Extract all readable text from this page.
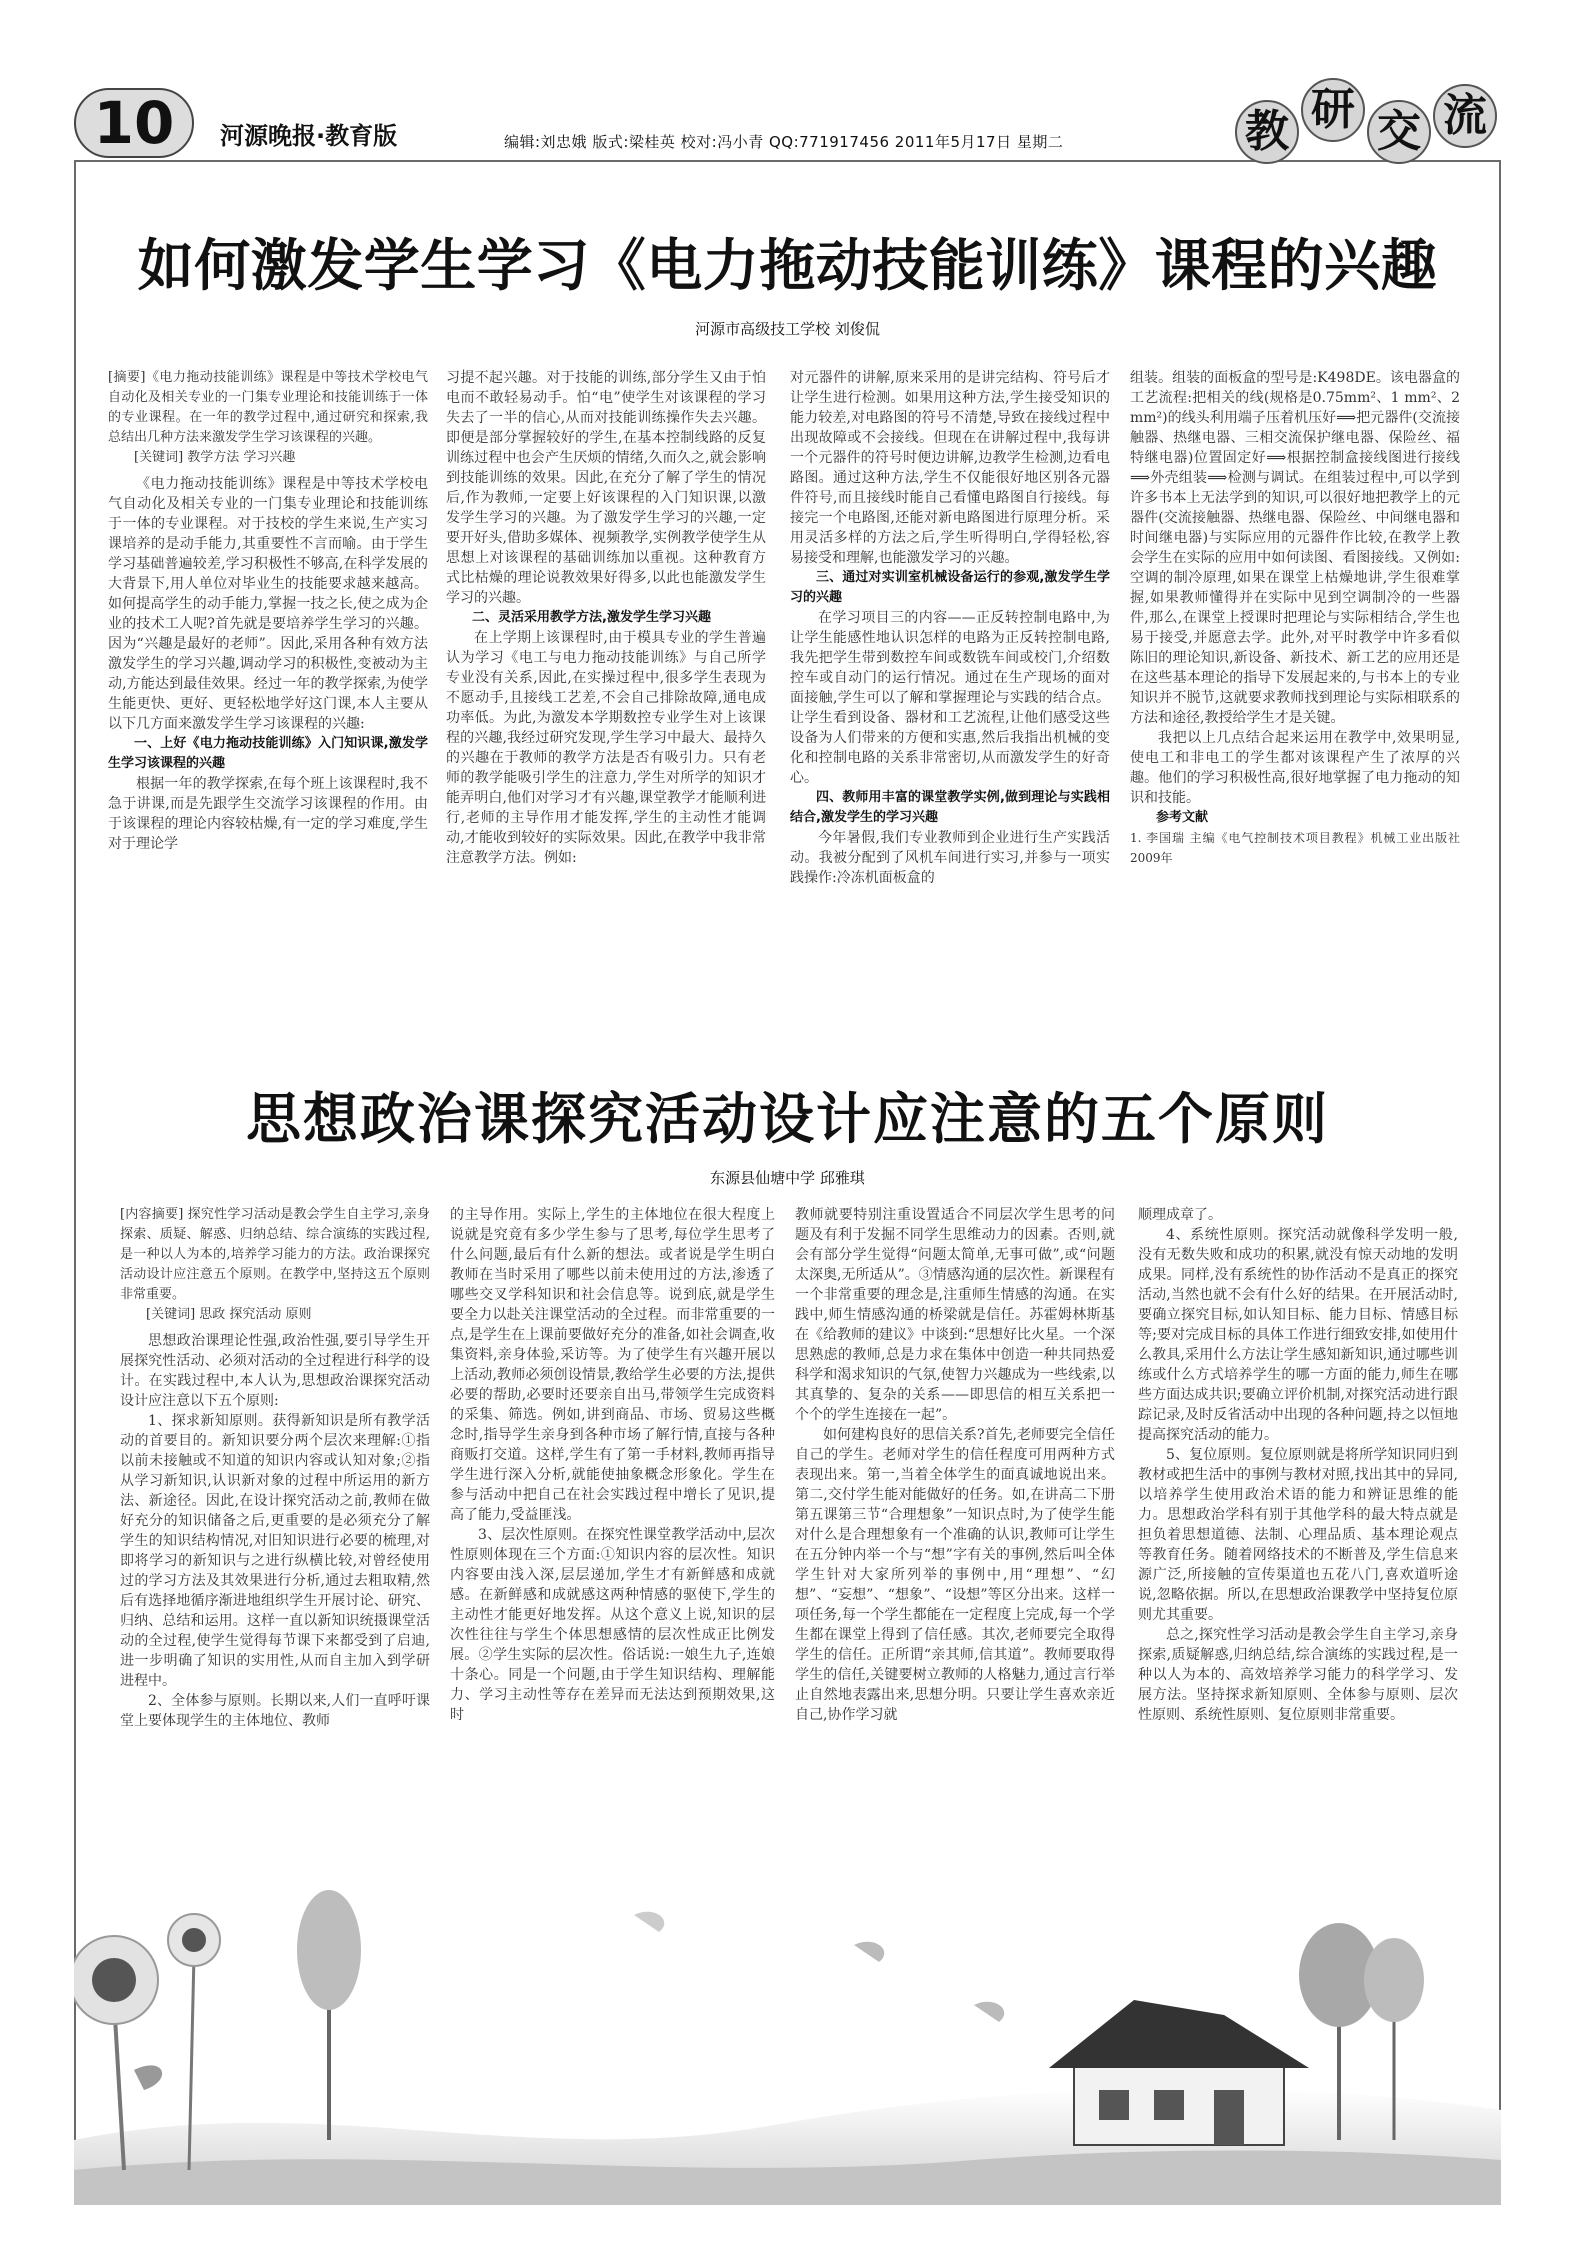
10	河源晚报·教育版	编辑:刘忠娥 版式:梁桂英 校对:冯小青 QQ:771917456 2011年5月17日 星期二	教 研 交 流
如何激发学生学习《电力拖动技能训练》课程的兴趣
河源市高级技工学校 刘俊侃

[摘要]《电力拖动技能训练》课程是中等技术学校电气自动化及相关专业的一门集专业理论和技能训练于一体的专业课程。在一年的教学过程中,通过研究和探索,我总结出几种方法来激发学生学习该课程的兴趣。

[关键词] 教学方法 学习兴趣

《电力拖动技能训练》课程是中等技术学校电气自动化及相关专业的一门集专业理论和技能训练于一体的专业课程。对于技校的学生来说,生产实习课培养的是动手能力,其重要性不言而喻。由于学生学习基础普遍较差,学习积极性不够高,在科学发展的大背景下,用人单位对毕业生的技能要求越来越高。如何提高学生的动手能力,掌握一技之长,使之成为企业的技术工人呢?首先就是要培养学生学习的兴趣。因为“兴趣是最好的老师”。因此,采用各种有效方法激发学生的学习兴趣,调动学习的积极性,变被动为主动,方能达到最佳效果。经过一年的教学探索,为使学生能更快、更好、更轻松地学好这门课,本人主要从以下几方面来激发学生学习该课程的兴趣:

一、上好《电力拖动技能训练》入门知识课,激发学生学习该课程的兴趣

根据一年的教学探索,在每个班上该课程时,我不急于讲课,而是先跟学生交流学习该课程的作用。由于该课程的理论内容较枯燥,有一定的学习难度,学生对于理论学

习提不起兴趣。对于技能的训练,部分学生又由于怕电而不敢轻易动手。怕“电”使学生对该课程的学习失去了一半的信心,从而对技能训练操作失去兴趣。即便是部分掌握较好的学生,在基本控制线路的反复训练过程中也会产生厌烦的情绪,久而久之,就会影响到技能训练的效果。因此,在充分了解了学生的情况后,作为教师,一定要上好该课程的入门知识课,以激发学生学习的兴趣。为了激发学生学习的兴趣,一定要开好头,借助多媒体、视频教学,实例教学使学生从思想上对该课程的基础训练加以重视。这种教育方式比枯燥的理论说教效果好得多,以此也能激发学生学习的兴趣。

二、灵活采用教学方法,激发学生学习兴趣

在上学期上该课程时,由于模具专业的学生普遍认为学习《电工与电力拖动技能训练》与自己所学专业没有关系,因此,在实操过程中,很多学生表现为不愿动手,且接线工艺差,不会自己排除故障,通电成功率低。为此,为激发本学期数控专业学生对上该课程的兴趣,我经过研究发现,学生学习中最大、最持久的兴趣在于教师的教学方法是否有吸引力。只有老师的教学能吸引学生的注意力,学生对所学的知识才能弄明白,他们对学习才有兴趣,课堂教学才能顺利进行,老师的主导作用才能发挥,学生的主动性才能调动,才能收到较好的实际效果。因此,在教学中我非常注意教学方法。例如:

对元器件的讲解,原来采用的是讲完结构、符号后才让学生进行检测。如果用这种方法,学生接受知识的能力较差,对电路图的符号不清楚,导致在接线过程中出现故障或不会接线。但现在在讲解过程中,我每讲一个元器件的符号时便边讲解,边教学生检测,边看电路图。通过这种方法,学生不仅能很好地区别各元器件符号,而且接线时能自己看懂电路图自行接线。每接完一个电路图,还能对新电路图进行原理分析。采用灵活多样的方法之后,学生听得明白,学得轻松,容易接受和理解,也能激发学习的兴趣。

三、通过对实训室机械设备运行的参观,激发学生学习的兴趣

在学习项目三的内容——正反转控制电路中,为让学生能感性地认识怎样的电路为正反转控制电路,我先把学生带到数控车间或数铣车间或校门,介绍数控车或自动门的运行情况。通过在生产现场的面对面接触,学生可以了解和掌握理论与实践的结合点。让学生看到设备、器材和工艺流程,让他们感受这些设备为人们带来的方便和实惠,然后我指出机械的变化和控制电路的关系非常密切,从而激发学生的好奇心。

四、教师用丰富的课堂教学实例,做到理论与实践相结合,激发学生的学习兴趣

今年暑假,我们专业教师到企业进行生产实践活动。我被分配到了风机车间进行实习,并参与一项实践操作:冷冻机面板盒的

组装。组装的面板盒的型号是:K498DE。该电器盒的工艺流程:把相关的线(规格是0.75mm²、1 mm²、2 mm²)的线头利用端子压着机压好⟹把元器件(交流接触器、热继电器、三相交流保护继电器、保险丝、福特继电器)位置固定好⟹根据控制盒接线图进行接线⟹外壳组装⟹检测与调试。在组装过程中,可以学到许多书本上无法学到的知识,可以很好地把教学上的元器件(交流接触器、热继电器、保险丝、中间继电器和时间继电器)与实际应用的元器件作比较,在教学上教会学生在实际的应用中如何读图、看图接线。又例如:空调的制冷原理,如果在课堂上枯燥地讲,学生很难掌握,如果教师懂得并在实际中见到空调制冷的一些器件,那么,在课堂上授课时把理论与实际相结合,学生也易于接受,并愿意去学。此外,对平时教学中许多看似陈旧的理论知识,新设备、新技术、新工艺的应用还是在这些基本理论的指导下发展起来的,与书本上的专业知识并不脱节,这就要求教师找到理论与实际相联系的方法和途径,教授给学生才是关键。

我把以上几点结合起来运用在教学中,效果明显,使电工和非电工的学生都对该课程产生了浓厚的兴趣。他们的学习积极性高,很好地掌握了电力拖动的知识和技能。

参考文献

1. 李国瑞 主编《电气控制技术项目教程》机械工业出版社 2009年

思想政治课探究活动设计应注意的五个原则
东源县仙塘中学 邱雅琪

[内容摘要] 探究性学习活动是教会学生自主学习,亲身探索、质疑、解惑、归纳总结、综合演练的实践过程,是一种以人为本的,培养学习能力的方法。政治课探究活动设计应注意五个原则。在教学中,坚持这五个原则非常重要。

[关键词] 思政 探究活动 原则

思想政治课理论性强,政治性强,要引导学生开展探究性活动、必须对活动的全过程进行科学的设计。在实践过程中,本人认为,思想政治课探究活动设计应注意以下五个原则:

1、探求新知原则。获得新知识是所有教学活动的首要目的。新知识要分两个层次来理解:①指以前未接触或不知道的知识内容或认知对象;②指从学习新知识,认识新对象的过程中所运用的新方法、新途径。因此,在设计探究活动之前,教师在做好充分的知识储备之后,更重要的是必须充分了解学生的知识结构情况,对旧知识进行必要的梳理,对即将学习的新知识与之进行纵横比较,对曾经使用过的学习方法及其效果进行分析,通过去粗取精,然后有选择地循序渐进地组织学生开展讨论、研究、归纳、总结和运用。这样一直以新知识统摄课堂活动的全过程,使学生觉得每节课下来都受到了启迪,进一步明确了知识的实用性,从而自主加入到学研进程中。

2、全体参与原则。长期以来,人们一直呼吁课堂上要体现学生的主体地位、教师

的主导作用。实际上,学生的主体地位在很大程度上说就是究竟有多少学生参与了思考,每位学生思考了什么问题,最后有什么新的想法。或者说是学生明白教师在当时采用了哪些以前未使用过的方法,渗透了哪些交叉学科知识和社会信息等。说到底,就是学生要全力以赴关注课堂活动的全过程。而非常重要的一点,是学生在上课前要做好充分的准备,如社会调查,收集资料,亲身体验,采访等。为了使学生有兴趣开展以上活动,教师必须创设情景,教给学生必要的方法,提供必要的帮助,必要时还要亲自出马,带领学生完成资料的采集、筛选。例如,讲到商品、市场、贸易这些概念时,指导学生亲身到各种市场了解行情,直接与各种商贩打交道。这样,学生有了第一手材料,教师再指导学生进行深入分析,就能使抽象概念形象化。学生在参与活动中把自己在社会实践过程中增长了见识,提高了能力,受益匪浅。

3、层次性原则。在探究性课堂教学活动中,层次性原则体现在三个方面:①知识内容的层次性。知识内容要由浅入深,层层递加,学生才有新鲜感和成就感。在新鲜感和成就感这两种情感的驱使下,学生的主动性才能更好地发挥。从这个意义上说,知识的层次性往往与学生个体思想感情的层次性成正比例发展。②学生实际的层次性。俗话说:一娘生九子,连娘十条心。同是一个问题,由于学生知识结构、理解能力、学习主动性等存在差异而无法达到预期效果,这时

教师就要特别注重设置适合不同层次学生思考的问题及有利于发掘不同学生思维动力的因素。否则,就会有部分学生觉得“问题太简单,无事可做”,或“问题太深奥,无所适从”。③情感沟通的层次性。新课程有一个非常重要的理念是,注重师生情感的沟通。在实践中,师生情感沟通的桥梁就是信任。苏霍姆林斯基在《给教师的建议》中谈到:“思想好比火星。一个深思熟虑的教师,总是力求在集体中创造一种共同热爱科学和渴求知识的气氛,使智力兴趣成为一些线索,以其真挚的、复杂的关系——即思信的相互关系把一个个的学生连接在一起”。

如何建构良好的思信关系?首先,老师要完全信任自己的学生。老师对学生的信任程度可用两种方式表现出来。第一,当着全体学生的面真诚地说出来。第二,交付学生能对能做好的任务。如,在讲高二下册第五课第三节“合理想象”一知识点时,为了使学生能对什么是合理想象有一个准确的认识,教师可让学生在五分钟内举一个与“想”字有关的事例,然后叫全体学生针对大家所列举的事例中,用“理想”、“幻想”、“妄想”、“想象”、“设想”等区分出来。这样一项任务,每一个学生都能在一定程度上完成,每一个学生都在课堂上得到了信任感。其次,老师要完全取得学生的信任。正所谓“亲其师,信其道”。教师要取得学生的信任,关键要树立教师的人格魅力,通过言行举止自然地表露出来,思想分明。只要让学生喜欢亲近自己,协作学习就

顺理成章了。

4、系统性原则。探究活动就像科学发明一般,没有无数失败和成功的积累,就没有惊天动地的发明成果。同样,没有系统性的协作活动不是真正的探究活动,当然也就不会有什么好的结果。在开展活动时,要确立探究目标,如认知目标、能力目标、情感目标等;要对完成目标的具体工作进行细致安排,如使用什么教具,采用什么方法让学生感知新知识,通过哪些训练或什么方式培养学生的哪一方面的能力,师生在哪些方面达成共识;要确立评价机制,对探究活动进行跟踪记录,及时反省活动中出现的各种问题,持之以恒地提高探究活动的能力。

5、复位原则。复位原则就是将所学知识同归到教材或把生活中的事例与教材对照,找出其中的异同,以培养学生使用政治术语的能力和辨证思维的能力。思想政治学科有别于其他学科的最大特点就是担负着思想道德、法制、心理品质、基本理论观点等教育任务。随着网络技术的不断普及,学生信息来源广泛,所接触的宣传渠道也五花八门,喜欢道听途说,忽略依据。所以,在思想政治课教学中坚持复位原则尤其重要。

总之,探究性学习活动是教会学生自主学习,亲身探索,质疑解惑,归纳总结,综合演练的实践过程,是一种以人为本的、高效培养学习能力的科学学习、发展方法。坚持探求新知原则、全体参与原则、层次性原则、系统性原则、复位原则非常重要。
